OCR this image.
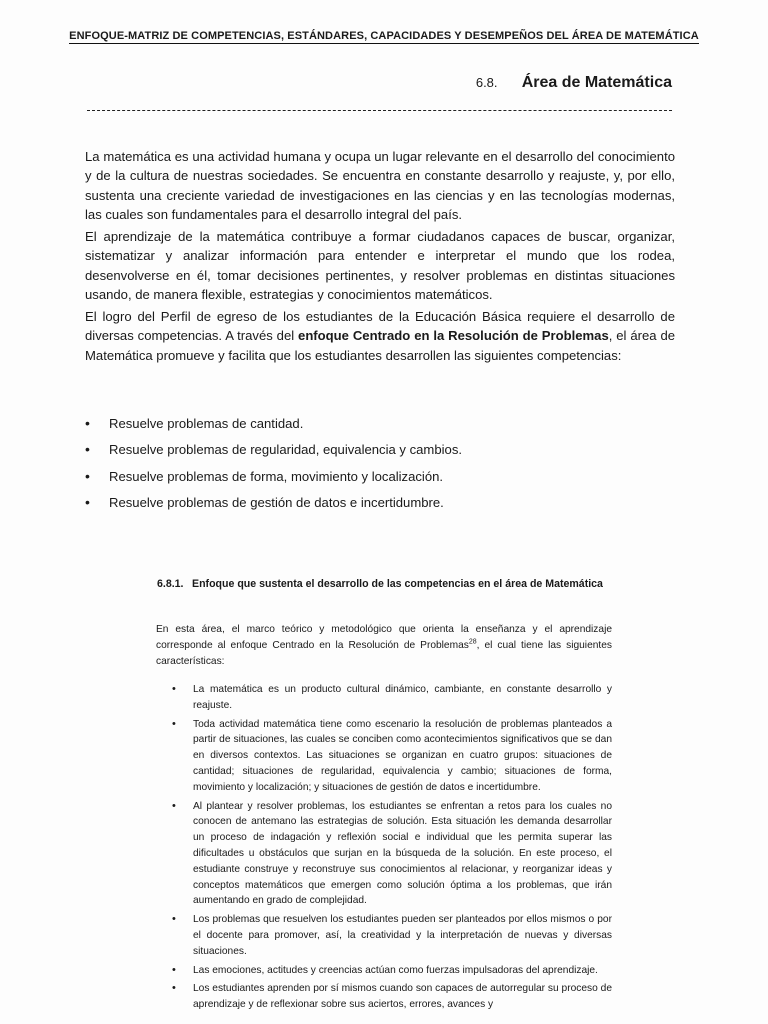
ENFOQUE-MATRIZ DE COMPETENCIAS, ESTÁNDARES, CAPACIDADES Y DESEMPEÑOS DEL ÁREA DE MATEMÁTICA
6.8. Área de Matemática

La matemática es una actividad humana y ocupa un lugar relevante en el desarrollo del conocimiento y de la cultura de nuestras sociedades. Se encuentra en constante desarrollo y reajuste, y, por ello, sustenta una creciente variedad de investigaciones en las ciencias y en las tecnologías modernas, las cuales son fundamentales para el desarrollo integral del país.

El aprendizaje de la matemática contribuye a formar ciudadanos capaces de buscar, organizar, sistematizar y analizar información para entender e interpretar el mundo que los rodea, desenvolverse en él, tomar decisiones pertinentes, y resolver problemas en distintas situaciones usando, de manera flexible, estrategias y conocimientos matemáticos.

El logro del Perfil de egreso de los estudiantes de la Educación Básica requiere el desarrollo de diversas competencias. A través del enfoque Centrado en la Resolución de Problemas, el área de Matemática promueve y facilita que los estudiantes desarrollen las siguientes competencias:

• Resuelve problemas de cantidad.
• Resuelve problemas de regularidad, equivalencia y cambios.
• Resuelve problemas de forma, movimiento y localización.
• Resuelve problemas de gestión de datos e incertidumbre.
6.8.1. Enfoque que sustenta el desarrollo de las competencias en el área de Matemática

En esta área, el marco teórico y metodológico que orienta la enseñanza y el aprendizaje corresponde al enfoque Centrado en la Resolución de Problemas$^{28}$, el cual tiene las siguientes características:

• La matemática es un producto cultural dinámico, cambiante, en constante desarrollo y reajuste.
• Toda actividad matemática tiene como escenario la resolución de problemas planteados a partir de situaciones, las cuales se conciben como acontecimientos significativos que se dan en diversos contextos. Las situaciones se organizan en cuatro grupos: situaciones de cantidad; situaciones de regularidad, equivalencia y cambio; situaciones de forma, movimiento y localización; y situaciones de gestión de datos e incertidumbre.
• Al plantear y resolver problemas, los estudiantes se enfrentan a retos para los cuales no conocen de antemano las estrategias de solución. Esta situación les demanda desarrollar un proceso de indagación y reflexión social e individual que les permita superar las dificultades u obstáculos que surjan en la búsqueda de la solución. En este proceso, el estudiante construye y reconstruye sus conocimientos al relacionar, y reorganizar ideas y conceptos matemáticos que emergen como solución óptima a los problemas, que irán aumentando en grado de complejidad.
• Los problemas que resuelven los estudiantes pueden ser planteados por ellos mismos o por el docente para promover, así, la creatividad y la interpretación de nuevas y diversas situaciones.
• Las emociones, actitudes y creencias actúan como fuerzas impulsadoras del aprendizaje.
• Los estudiantes aprenden por sí mismos cuando son capaces de autorregular su proceso de aprendizaje y de reflexionar sobre sus aciertos, errores, avances y
